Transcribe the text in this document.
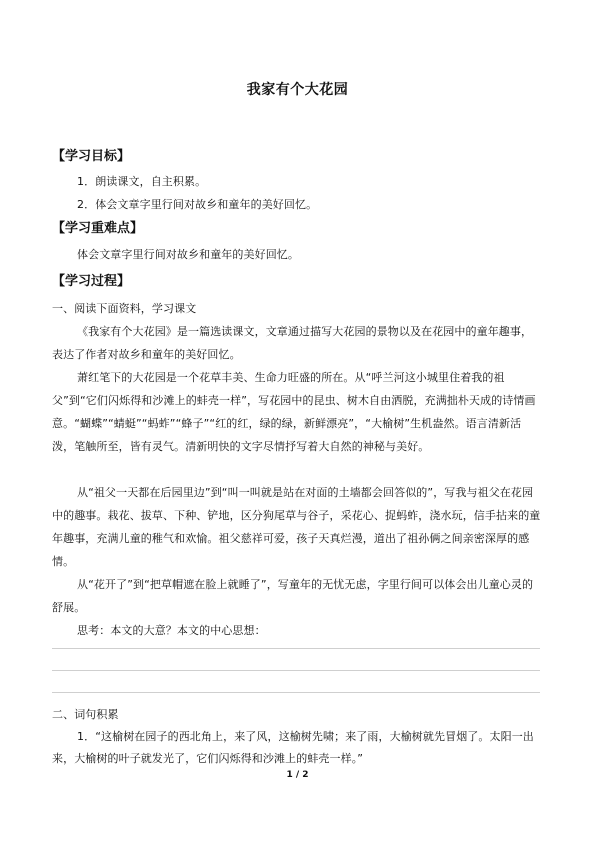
我家有个大花园
【学习目标】
1．朗读课文，自主积累。
2．体会文章字里行间对故乡和童年的美好回忆。
【学习重难点】
体会文章字里行间对故乡和童年的美好回忆。
【学习过程】
一、阅读下面资料，学习课文
《我家有个大花园》是一篇选读课文，文章通过描写大花园的景物以及在花园中的童年趣事，表达了作者对故乡和童年的美好回忆。
萧红笔下的大花园是一个花草丰美、生命力旺盛的所在。从“呼兰河这小城里住着我的祖父”到“它们闪烁得和沙滩上的蚌壳一样”，写花园中的昆虫、树木自由洒脱，充满拙朴天成的诗情画意。“蝴蝶”“蜻蜓”“蚂蚱”“蜂子”“红的红，绿的绿，新鲜漂亮”，“大榆树”生机盎然。语言清新活泼，笔触所至，皆有灵气。清新明快的文字尽情抒写着大自然的神秘与美好。
从“祖父一天都在后园里边”到“叫一叫就是站在对面的土墙都会回答似的”，写我与祖父在花园中的趣事。栽花、拔草、下种、铲地，区分狗尾草与谷子，采花心、捉蚂蚱，浇水玩，信手拈来的童年趣事，充满儿童的稚气和欢愉。祖父慈祥可爱，孩子天真烂漫，道出了祖孙俩之间亲密深厚的感情。
从“花开了”到“把草帽遮在脸上就睡了”，写童年的无忧无虑，字里行间可以体会出儿童心灵的舒展。
思考：本文的大意？本文的中心思想：
二、词句积累
1．“这榆树在园子的西北角上，来了风，这榆树先啸；来了雨，大榆树就先冒烟了。太阳一出来，大榆树的叶子就发光了，它们闪烁得和沙滩上的蚌壳一样。”
1 / 2
